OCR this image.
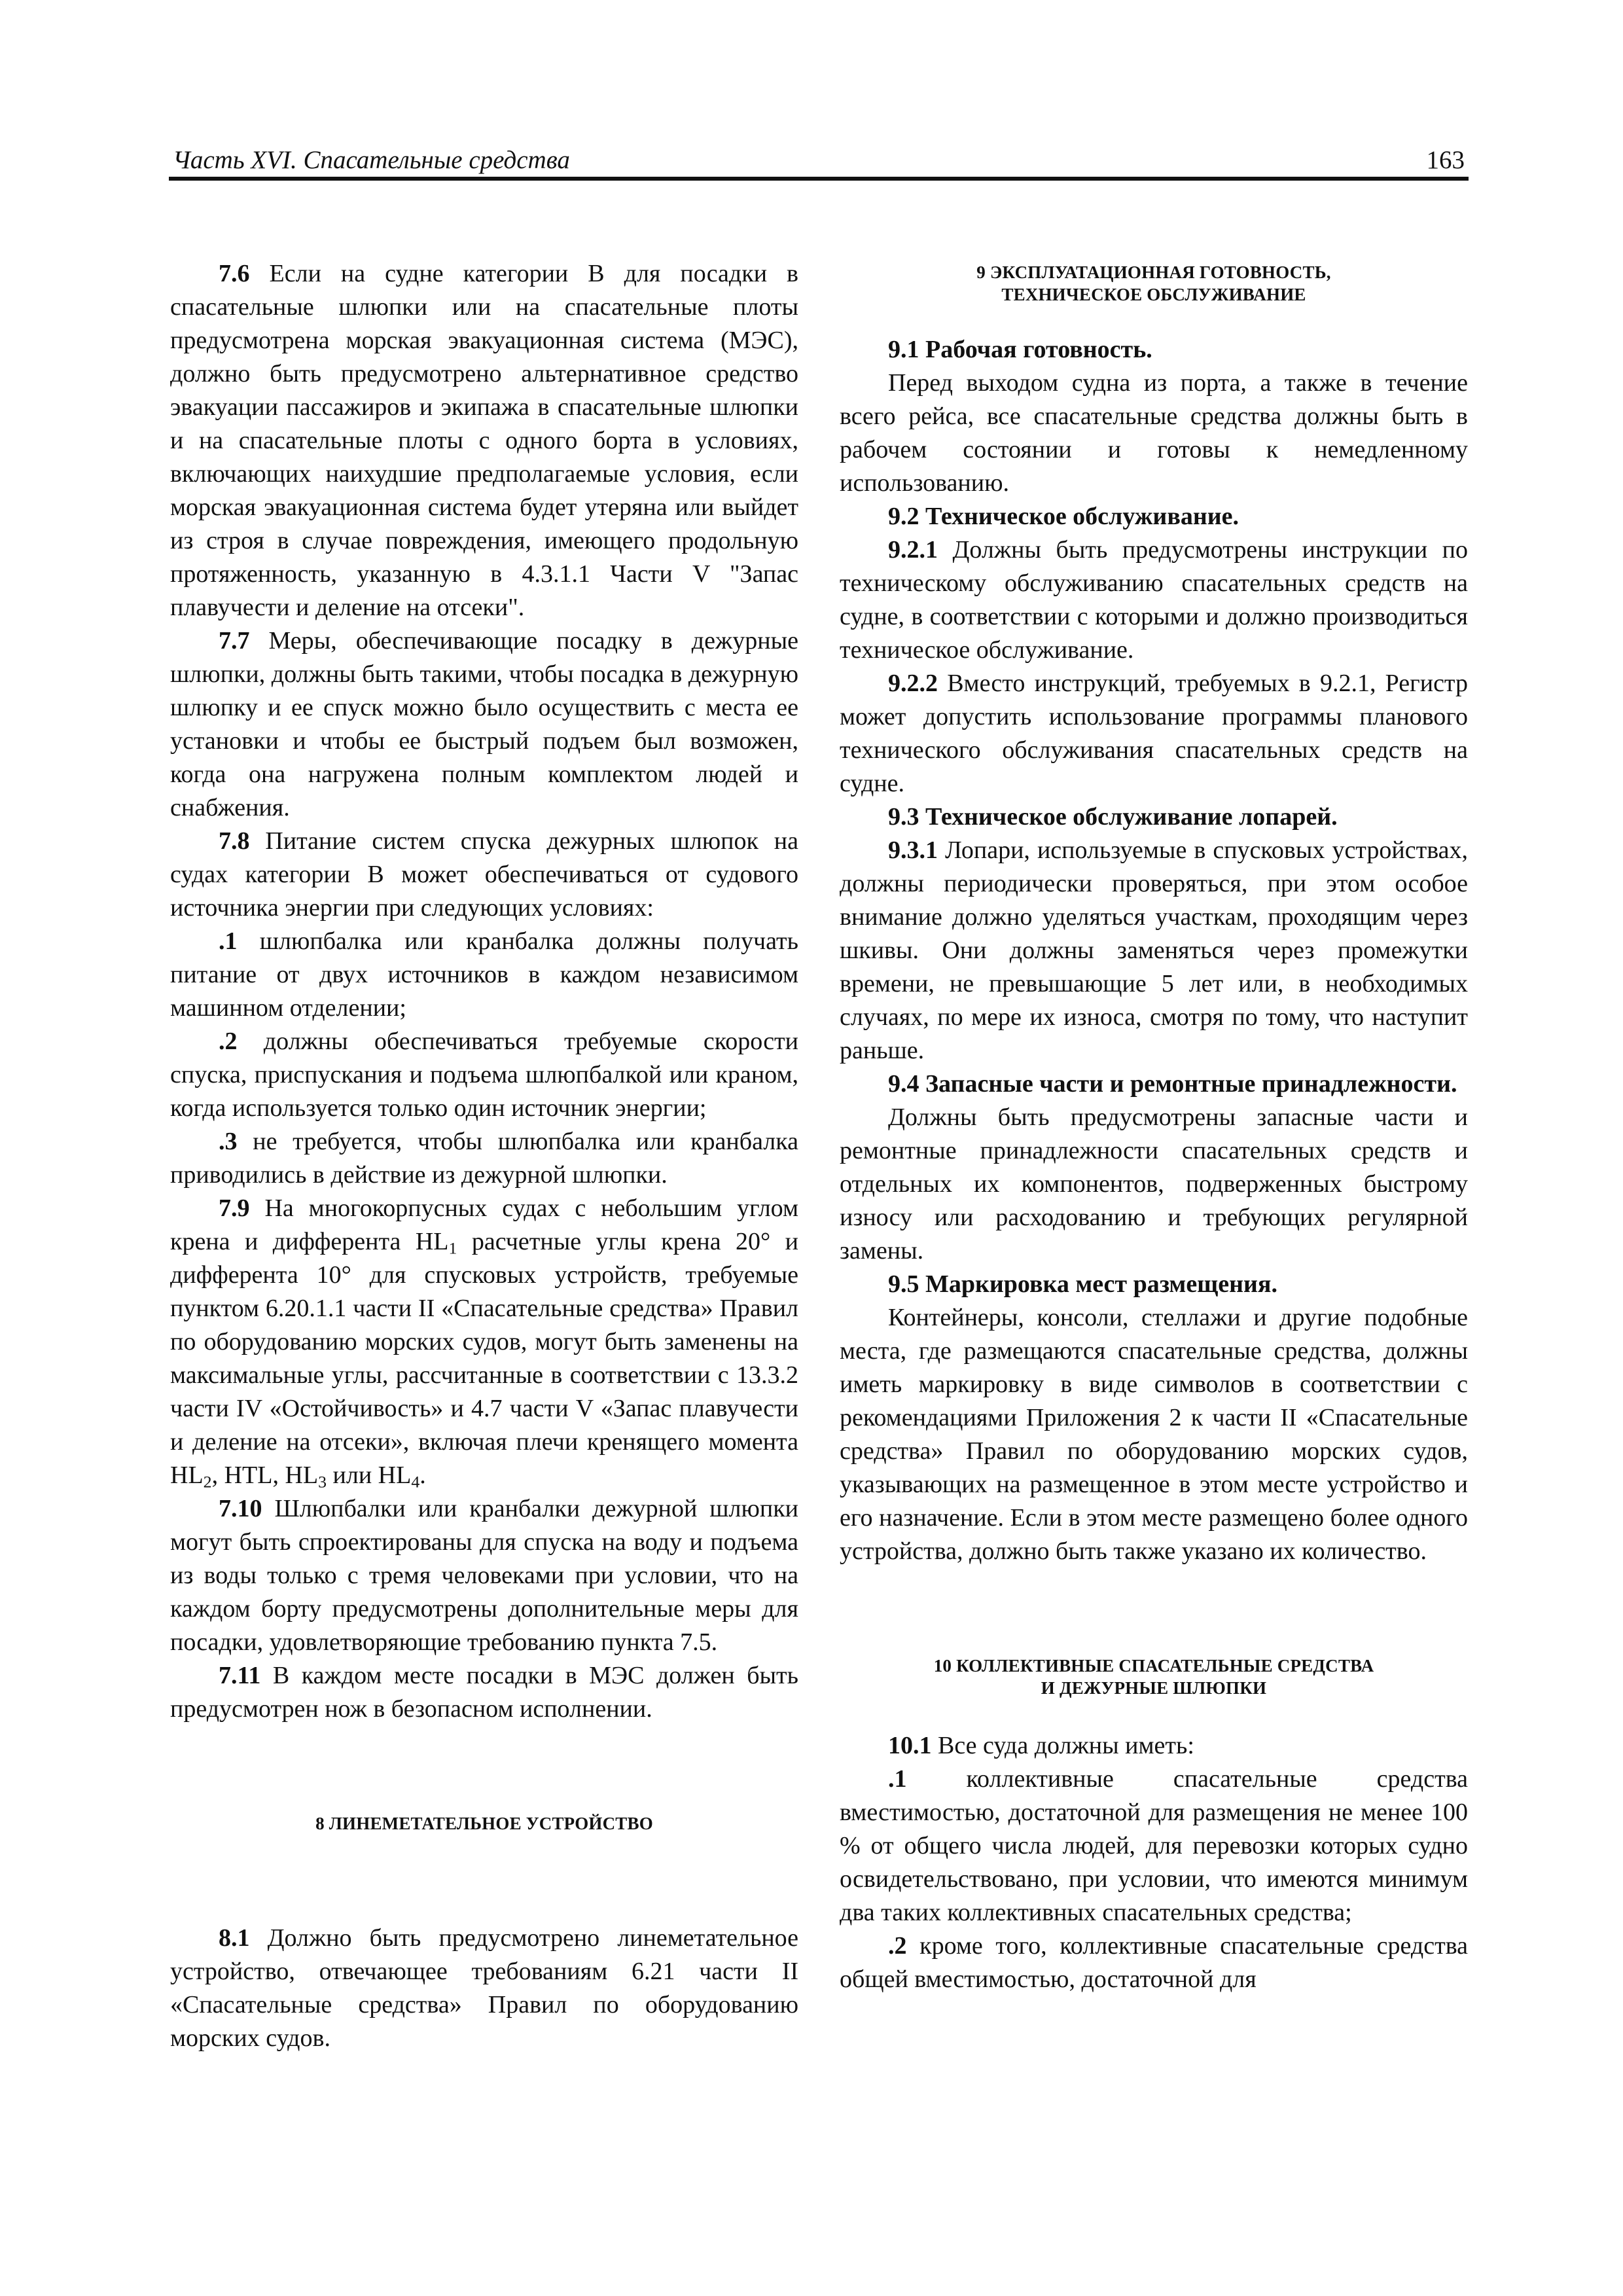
Часть XVI. Спасательные средства	163

7.6 Если на судне категории В для посадки в спасательные шлюпки или на спасательные плоты предусмотрена морская эвакуационная система (МЭС), должно быть предусмотрено альтернативное средство эвакуации пассажиров и экипажа в спасательные шлюпки и на спасательные плоты с одного борта в условиях, включающих наихудшие предполагаемые условия, если морская эвакуационная система будет утеряна или выйдет из строя в случае повреждения, имеющего продольную протяженность, указанную в 4.3.1.1 Части V "Запас плавучести и деление на отсеки".

7.7 Меры, обеспечивающие посадку в дежурные шлюпки, должны быть такими, чтобы посадка в дежурную шлюпку и ее спуск можно было осуществить с места ее установки и чтобы ее быстрый подъем был возможен, когда она нагружена полным комплектом людей и снабжения.

7.8 Питание систем спуска дежурных шлюпок на судах категории В может обеспечиваться от судового источника энергии при следующих условиях:

.1 шлюпбалка или кранбалка должны получать питание от двух источников в каждом независимом машинном отделении;

.2 должны обеспечиваться требуемые скорости спуска, приспускания и подъема шлюпбалкой или краном, когда используется только один источник энергии;

.3 не требуется, чтобы шлюпбалка или кранбалка приводились в действие из дежурной шлюпки.

7.9 На многокорпусных судах с небольшим углом крена и дифферента $HL_1$ расчетные углы крена 20° и дифферента 10° для спусковых устройств, требуемые пунктом 6.20.1.1 части II «Спасательные средства» Правил по оборудованию морских судов, могут быть заменены на максимальные углы, рассчитанные в соответствии с 13.3.2 части IV «Остойчивость» и 4.7 части V «Запас плавучести и деление на отсеки», включая плечи кренящего момента $HL_2$, HTL, $HL_3$ или $HL_4$.

7.10 Шлюпбалки или кранбалки дежурной шлюпки могут быть спроектированы для спуска на воду и подъема из воды только с тремя человеками при условии, что на каждом борту предусмотрены дополнительные меры для посадки, удовлетворяющие требованию пункта 7.5.

7.11 В каждом месте посадки в МЭС должен быть предусмотрен нож в безопасном исполнении.

8 ЛИНЕМЕТАТЕЛЬНОЕ УСТРОЙСТВО

8.1 Должно быть предусмотрено линеметательное устройство, отвечающее требованиям 6.21 части II «Спасательные средства» Правил по оборудованию морских судов.

9 ЭКСПЛУАТАЦИОННАЯ ГОТОВНОСТЬ,
ТЕХНИЧЕСКОЕ ОБСЛУЖИВАНИЕ

9.1 Рабочая готовность.

Перед выходом судна из порта, а также в течение всего рейса, все спасательные средства должны быть в рабочем состоянии и готовы к немедленному использованию.

9.2 Техническое обслуживание.

9.2.1 Должны быть предусмотрены инструкции по техническому обслуживанию спасательных средств на судне, в соответствии с которыми и должно производиться техническое обслуживание.

9.2.2 Вместо инструкций, требуемых в 9.2.1, Регистр может допустить использование программы планового технического обслуживания спасательных средств на судне.

9.3 Техническое обслуживание лопарей.

9.3.1 Лопари, используемые в спусковых устройствах, должны периодически проверяться, при этом особое внимание должно уделяться участкам, проходящим через шкивы. Они должны заменяться через промежутки времени, не превышающие 5 лет или, в необходимых случаях, по мере их износа, смотря по тому, что наступит раньше.

9.4 Запасные части и ремонтные принадлежности.

Должны быть предусмотрены запасные части и ремонтные принадлежности спасательных средств и отдельных их компонентов, подверженных быстрому износу или расходованию и требующих регулярной замены.

9.5 Маркировка мест размещения.

Контейнеры, консоли, стеллажи и другие подобные места, где размещаются спасательные средства, должны иметь маркировку в виде символов в соответствии с рекомендациями Приложения 2 к части II «Спасательные средства» Правил по оборудованию морских судов, указывающих на размещенное в этом месте устройство и его назначение. Если в этом месте размещено более одного устройства, должно быть также указано их количество.

10 КОЛЛЕКТИВНЫЕ СПАСАТЕЛЬНЫЕ СРЕДСТВА
И ДЕЖУРНЫЕ ШЛЮПКИ

10.1 Все суда должны иметь:

.1 коллективные спасательные средства вместимостью, достаточной для размещения не менее 100 % от общего числа людей, для перевозки которых судно освидетельствовано, при условии, что имеются минимум два таких коллективных спасательных средства;

.2 кроме того, коллективные спасательные средства общей вместимостью, достаточной для
